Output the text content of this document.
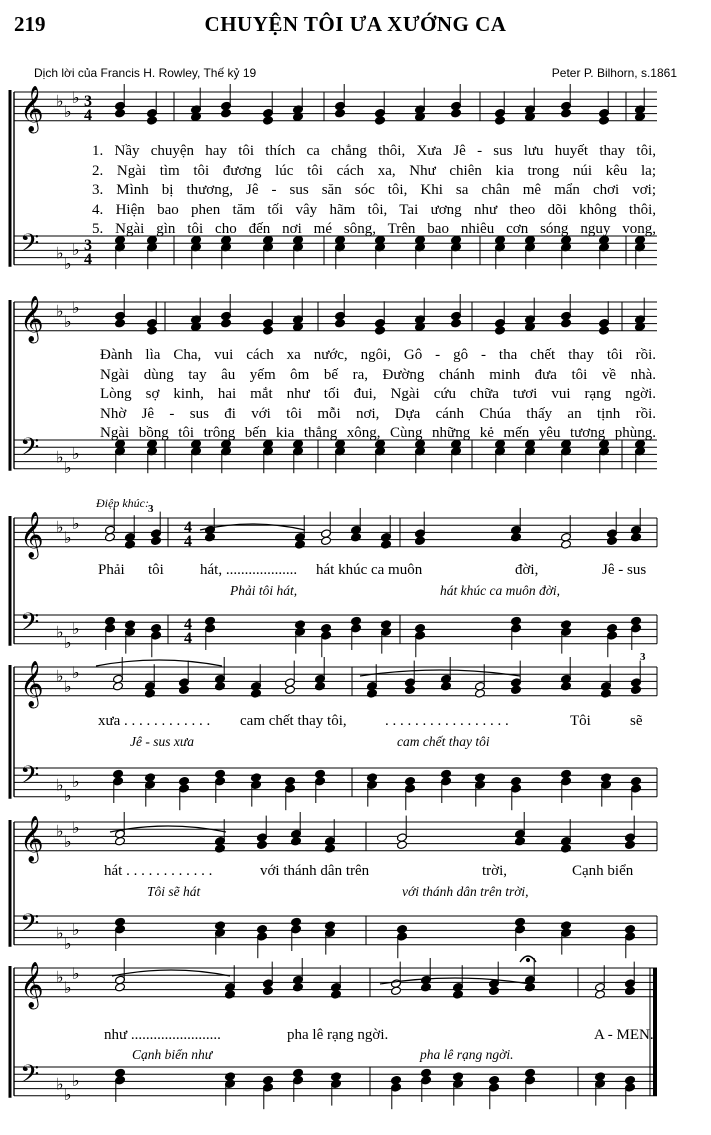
219	CHUYỆN TÔI ƯA XƯỚNG CA
Dịch lời của Francis H. Rowley, Thế kỷ 19	Peter P. Bilhorn, s.1861
𝄞
𝄢
♭
♭
♭
♭
♭
♭
𝄞
𝄢
♭
♭
♭
♭
♭
♭
𝄞
𝄢
♭
♭
♭
♭
♭
♭
𝄞
𝄢
♭
♭
♭
♭
♭
♭
𝄞
𝄢
♭
♭
♭
♭
♭
♭
𝄞
𝄢
♭
♭
♭
♭
♭
♭
3
4
3
4
4
4
4
4
3
3
1. Nầy chuyện hay tôi thích ca chẳng thôi, Xưa Jê - sus lưu huyết thay tôi,
2. Ngài tìm tôi đương lúc tôi cách xa, Như chiên kia trong núi kêu la;
3. Mình bị thương, Jê - sus săn sóc tôi, Khi sa chân mê mẩn chơi vơi;
4. Hiện bao phen tăm tối vây hãm tôi, Tai ương như theo dõi không thôi,
5. Ngài gìn tôi cho đến nơi mé sông, Trên bao nhiêu cơn sóng nguy vong,
Đành lìa Cha, vui cách xa nước, ngôi, Gô - gô - tha chết thay tôi rồi.
Ngài dùng tay âu yếm ôm bế ra, Đường chánh minh đưa tôi về nhà.
Lòng sợ kinh, hai mắt như tối đui, Ngài cứu chữa tươi vui rạng ngời.
Nhờ Jê - sus đi với tôi mỗi nơi, Dựa cánh Chúa thấy an tịnh rồi.
Ngài bồng tôi trông bến kia thẳng xông, Cùng những kẻ mến yêu tương phùng.
Điệp khúc:
Phải tôi hát, ................... hát khúc ca muôn	đời,	Jê - sus
Phải tôi hát,	hát khúc ca muôn đời,
xưa . . . . . . . . . . . . cam chết thay tôi,	. . . . . . . . . . . . . . . . .	Tôi	sẽ
Jê - sus xưa	cam chết thay tôi
hát . . . . . . . . . . . .	với thánh dân trên	trời,	Cạnh biển
Tôi sẽ hát	với thánh dân trên trời,
như ........................	pha lê rạng ngời.	A - MEN.
Cạnh biển như	pha lê rạng ngời.
